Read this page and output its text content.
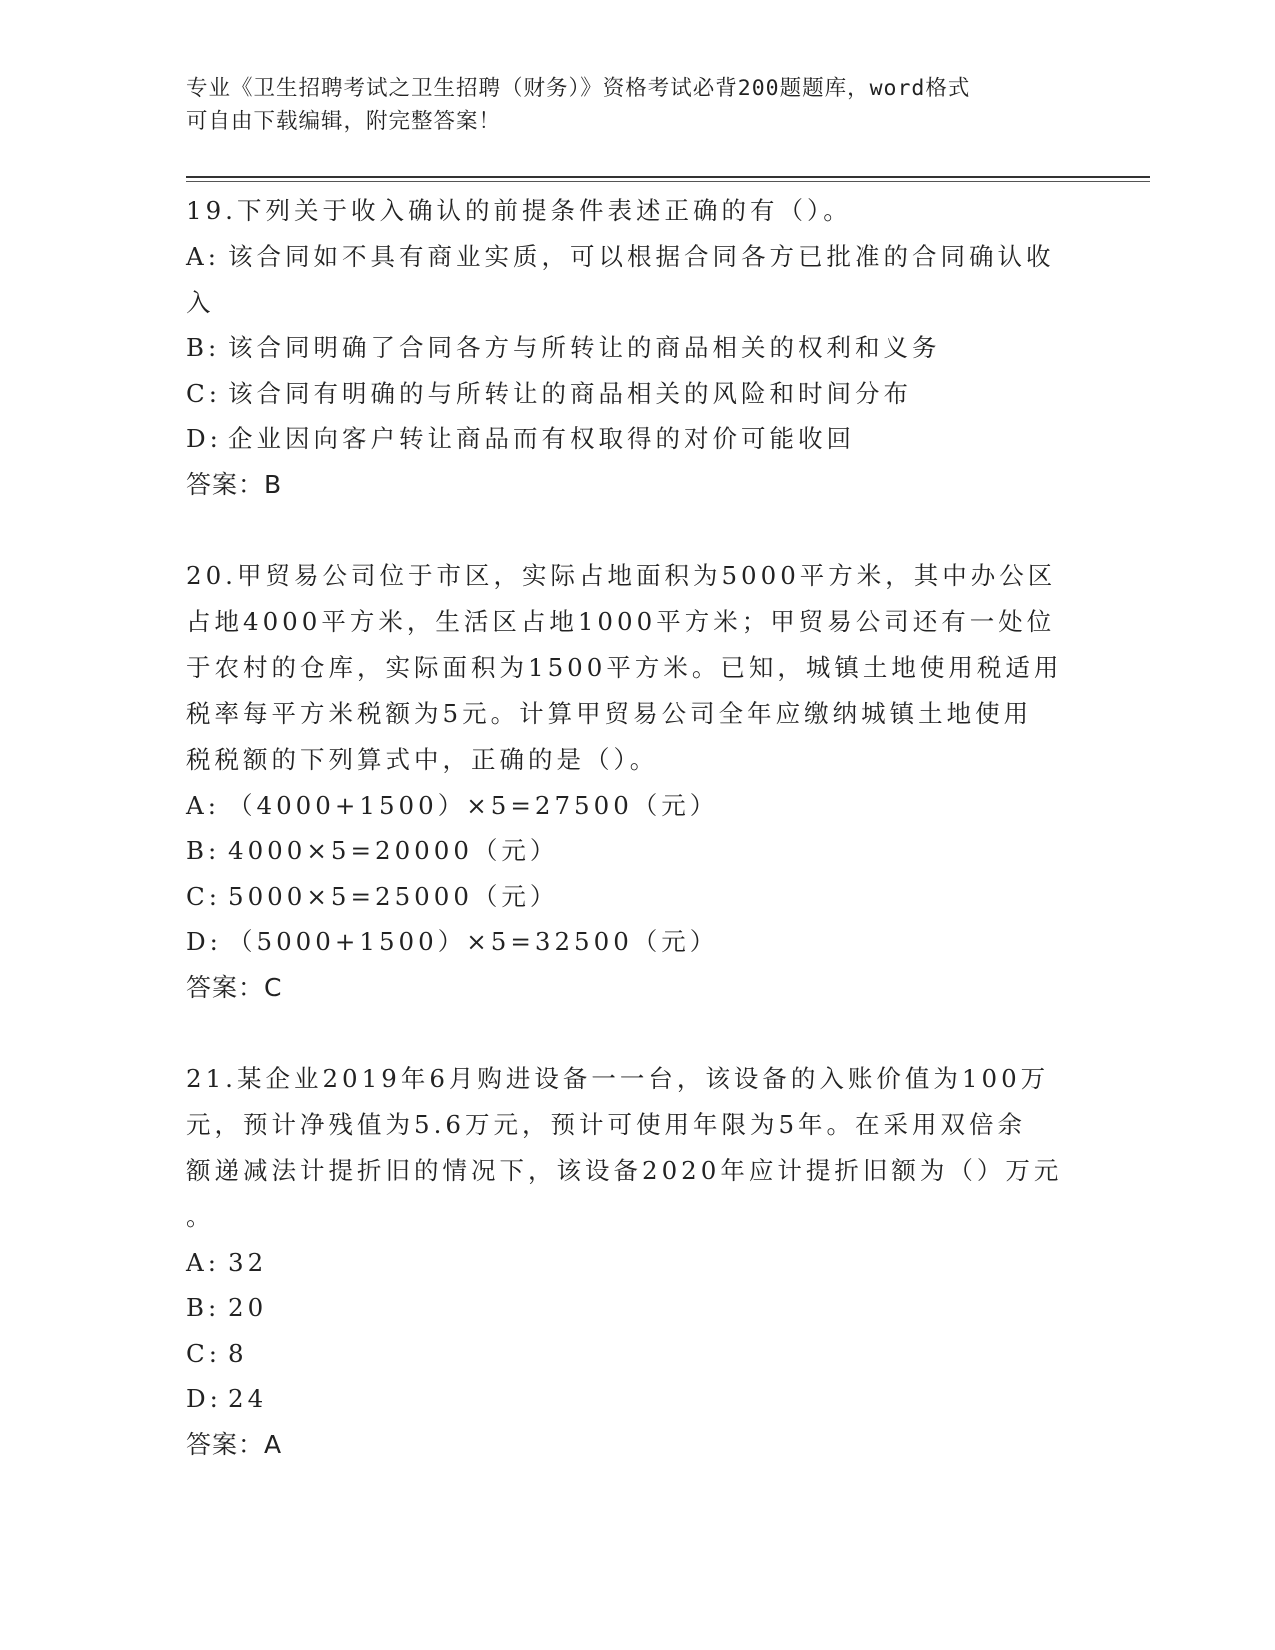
专业《卫生招聘考试之卫生招聘（财务）》资格考试必背200题题库，word格式
可自由下载编辑，附完整答案！
19.下列关于收入确认的前提条件表述正确的有（）。
A: 该合同如不具有商业实质，可以根据合同各方已批准的合同确认收
入
B: 该合同明确了合同各方与所转让的商品相关的权利和义务
C: 该合同有明确的与所转让的商品相关的风险和时间分布
D: 企业因向客户转让商品而有权取得的对价可能收回
答案：B
20.甲贸易公司位于市区，实际占地面积为5000平方米，其中办公区
占地4000平方米，生活区占地1000平方米；甲贸易公司还有一处位
于农村的仓库，实际面积为1500平方米。已知，城镇土地使用税适用
税率每平方米税额为5元。计算甲贸易公司全年应缴纳城镇土地使用
税税额的下列算式中，正确的是（）。
A: （4000+1500）×5=27500（元）
B: 4000×5=20000（元）
C: 5000×5=25000（元）
D: （5000+1500）×5=32500（元）
答案：C
21.某企业2019年6月购进设备一一台，该设备的入账价值为100万
元，预计净残值为5.6万元，预计可使用年限为5年。在采用双倍余
额递减法计提折旧的情况下，该设备2020年应计提折旧额为（）万元
。
A: 32
B: 20
C: 8
D: 24
答案：A
